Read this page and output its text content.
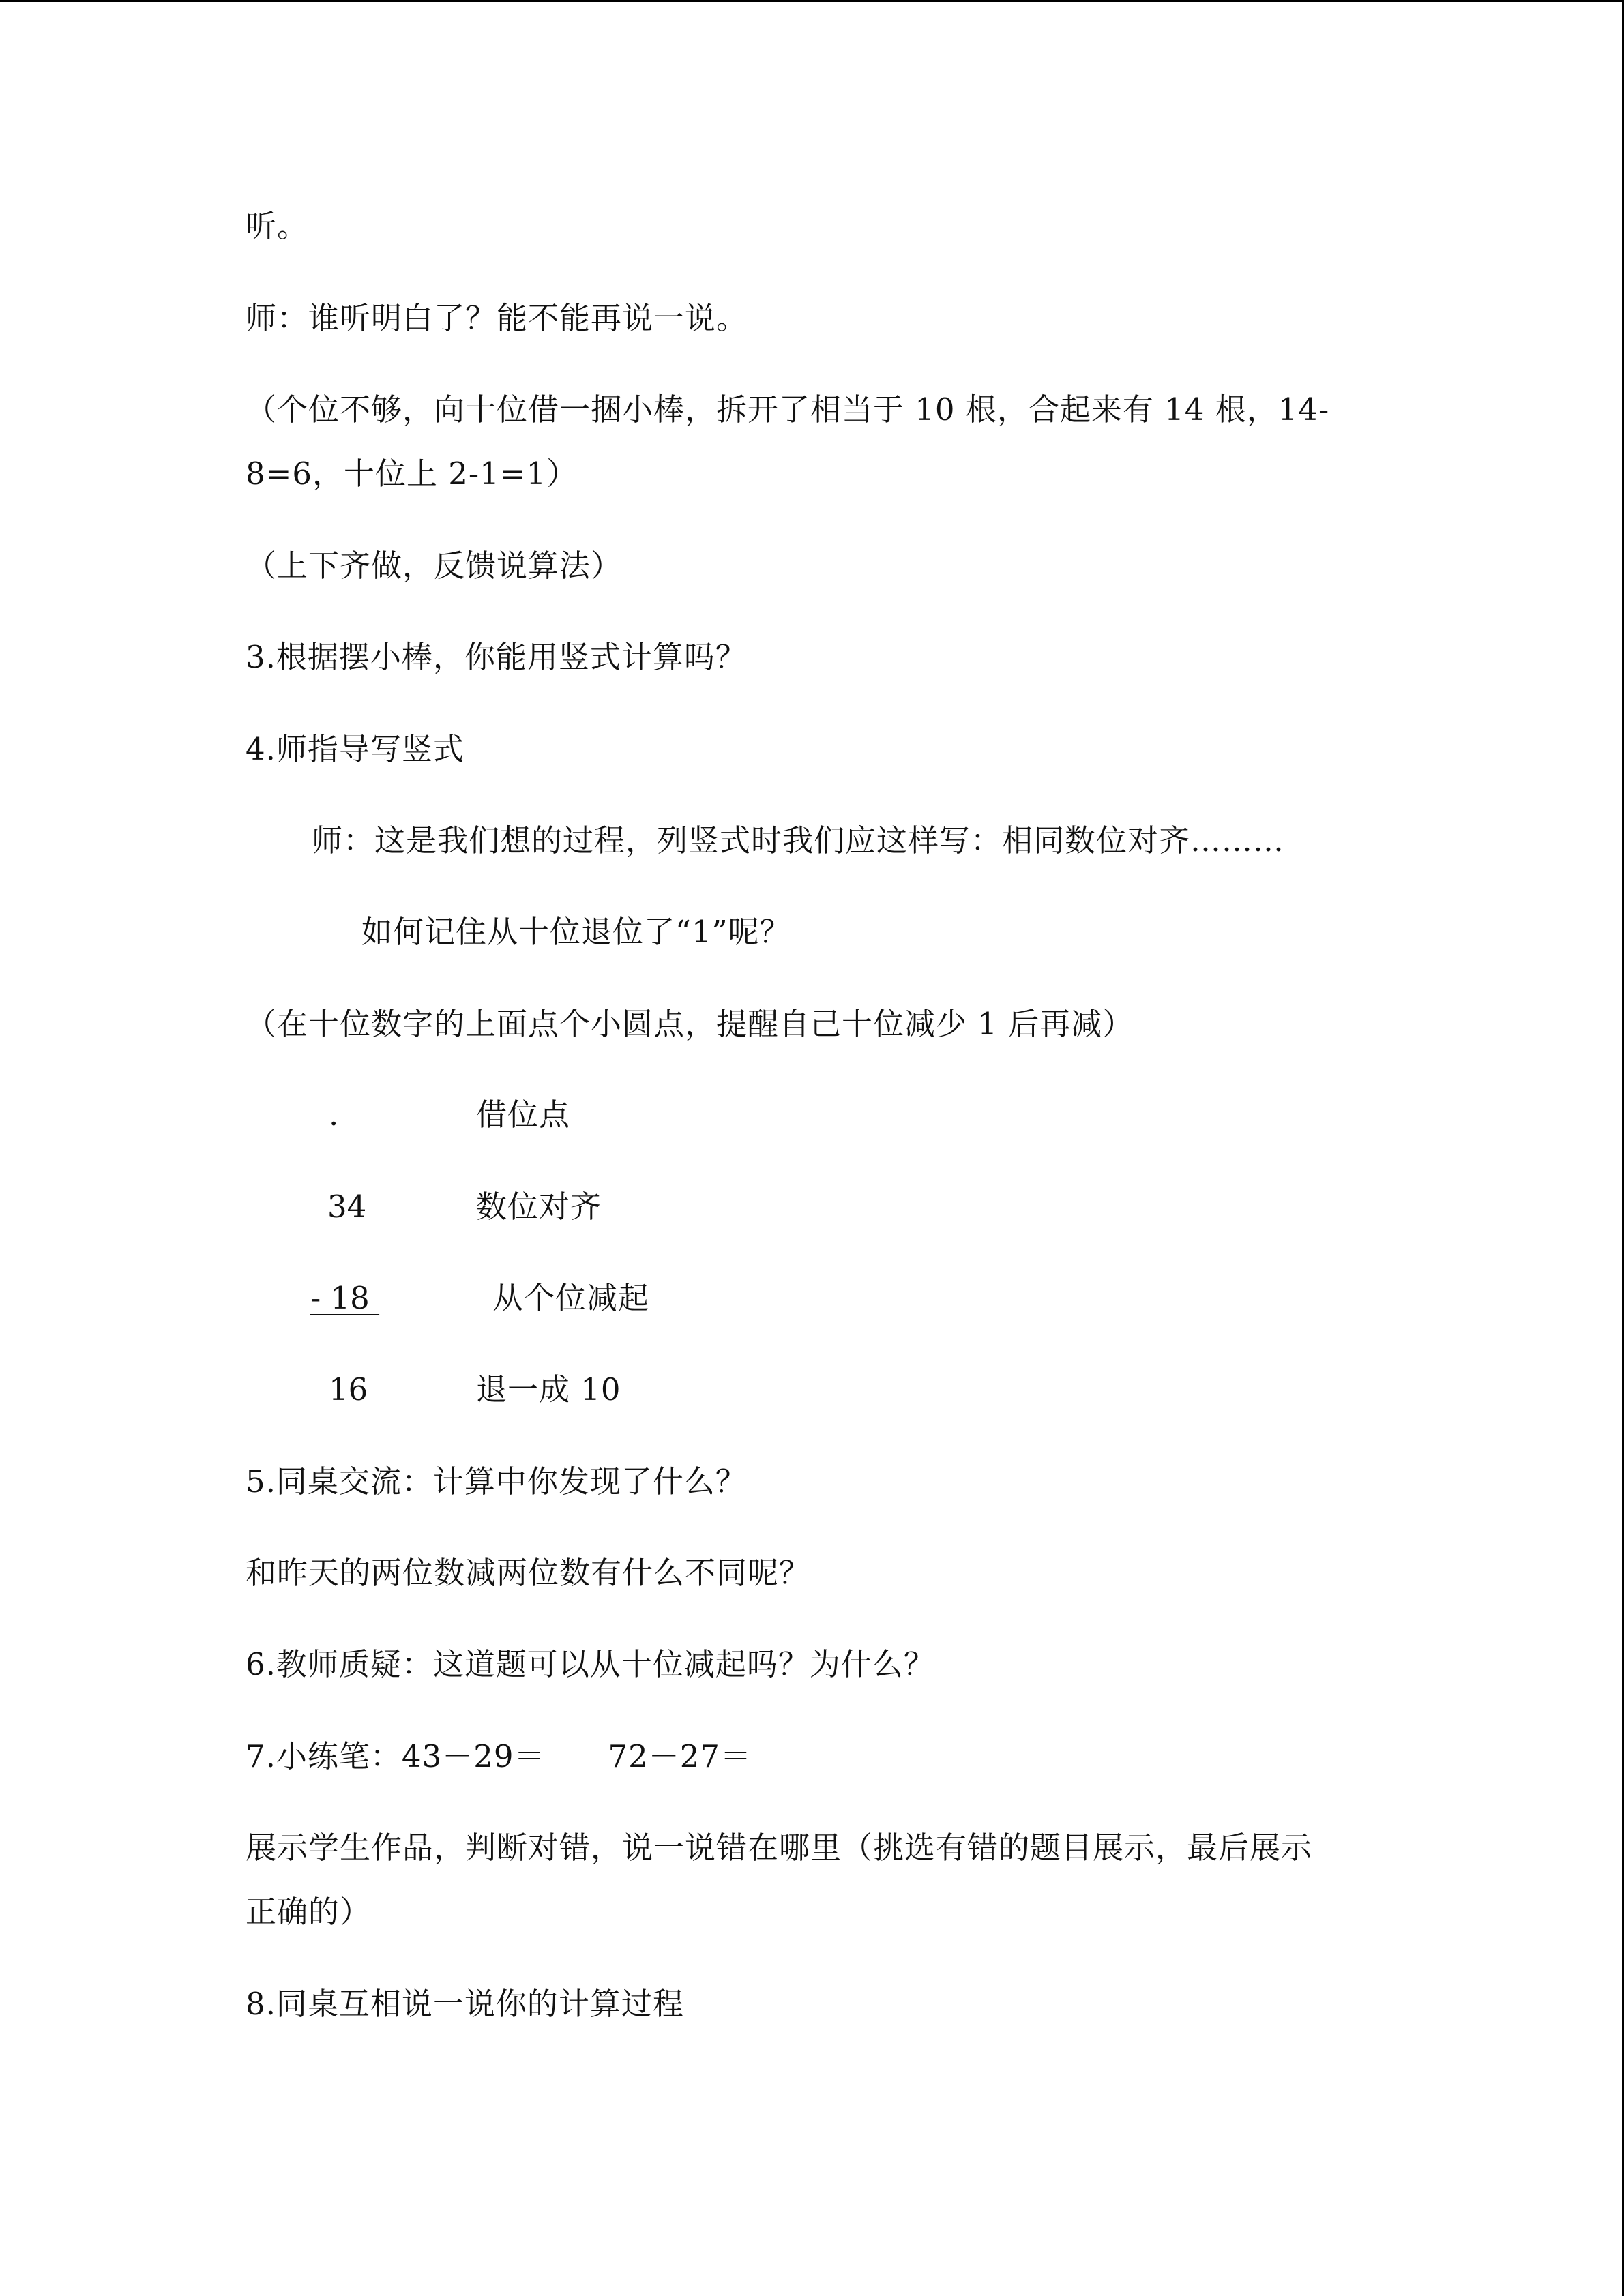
听。
师：谁听明白了？能不能再说一说。
（个位不够，向十位借一捆小棒，拆开了相当于 10 根，合起来有 14 根，14-
8=6，十位上 2-1=1）
（上下齐做，反馈说算法）
3.根据摆小棒，你能用竖式计算吗？
4.师指导写竖式
师：这是我们想的过程，列竖式时我们应这样写：相同数位对齐………
如何记住从十位退位了“1”呢？
（在十位数字的上面点个小圆点，提醒自己十位减少 1 后再减）
.	借位点
34	数位对齐
- 18	从个位减起
16	退一成 10
5.同桌交流：计算中你发现了什么？
和昨天的两位数减两位数有什么不同呢？
6.教师质疑：这道题可以从十位减起吗？为什么？
7.小练笔：43－29＝　　72－27＝
展示学生作品，判断对错，说一说错在哪里（挑选有错的题目展示，最后展示
正确的）
8.同桌互相说一说你的计算过程
